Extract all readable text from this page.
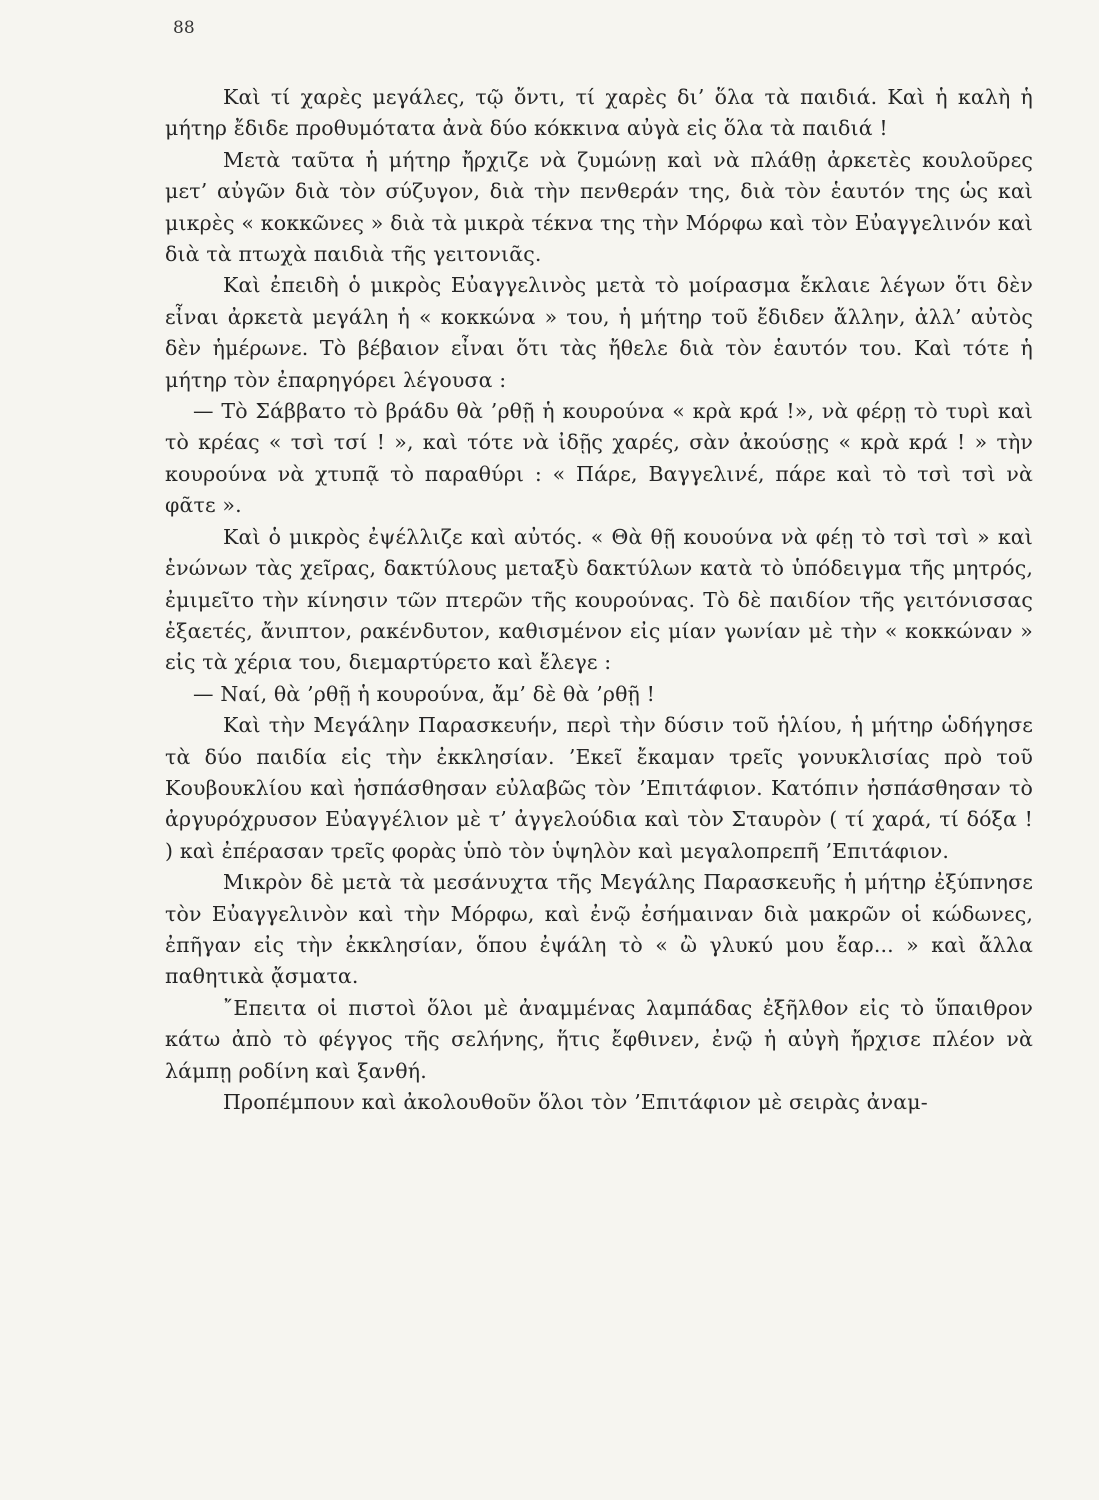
88

Καὶ τί χαρὲς μεγάλες, τῷ ὄντι, τί χαρὲς δι’ ὅλα τὰ παιδιά. Καὶ ἡ καλὴ ἡ μήτηρ ἔδιδε προθυμότατα ἀνὰ δύο κόκκινα αὐγὰ εἰς ὅλα τὰ παιδιά !

Μετὰ ταῦτα ἡ μήτηρ ἤρχιζε νὰ ζυμώνῃ καὶ νὰ πλάθῃ ἀρκετὲς κουλοῦρες μετ’ αὐγῶν διὰ τὸν σύζυγον, διὰ τὴν πενθεράν της, διὰ τὸν ἑαυτόν της ὡς καὶ μικρὲς « κοκκῶνες » διὰ τὰ μικρὰ τέκνα της τὴν Μόρφω καὶ τὸν Εὐαγγελινόν καὶ διὰ τὰ πτωχὰ παιδιὰ τῆς γειτονιᾶς.

Καὶ ἐπειδὴ ὁ μικρὸς Εὐαγγελινὸς μετὰ τὸ μοίρασμα ἔκλαιε λέγων ὅτι δὲν εἶναι ἀρκετὰ μεγάλη ἡ « κοκκώνα » του, ἡ μήτηρ τοῦ ἔδιδεν ἄλλην, ἀλλ’ αὐτὸς δὲν ἡμέρωνε. Τὸ βέβαιον εἶναι ὅτι τὰς ἤθελε διὰ τὸν ἑαυτόν του. Καὶ τότε ἡ μήτηρ τὸν ἐπαρηγόρει λέγουσα :

— Τὸ Σάββατο τὸ βράδυ θὰ ’ρθῇ ἡ κουρούνα « κρὰ κρά !», νὰ φέρῃ τὸ τυρὶ καὶ τὸ κρέας « τσὶ τσί ! », καὶ τότε νὰ ἰδῇς χαρές, σὰν ἀκούσῃς « κρὰ κρά ! » τὴν κουρούνα νὰ χτυπᾷ τὸ παραθύρι : « Πάρε, Βαγγελινέ, πάρε καὶ τὸ τσὶ τσὶ νὰ φᾶτε ».

Καὶ ὁ μικρὸς ἐψέλλιζε καὶ αὐτός. « Θὰ θῇ κουούνα νὰ φέῃ τὸ τσὶ τσὶ » καὶ ἑνώνων τὰς χεῖρας, δακτύλους μεταξὺ δακτύλων κατὰ τὸ ὑπόδειγμα τῆς μητρός, ἐμιμεῖτο τὴν κίνησιν τῶν πτερῶν τῆς κουρούνας. Τὸ δὲ παιδίον τῆς γειτόνισσας ἑξαετές, ἄνιπτον, ρακένδυτον, καθισμένον εἰς μίαν γωνίαν μὲ τὴν « κοκκώναν » εἰς τὰ χέρια του, διεμαρτύρετο καὶ ἔλεγε :

— Ναί, θὰ ’ρθῇ ἡ κουρούνα, ἄμ’ δὲ θὰ ’ρθῇ !

Καὶ τὴν Μεγάλην Παρασκευήν, περὶ τὴν δύσιν τοῦ ἡλίου, ἡ μήτηρ ὡδήγησε τὰ δύο παιδία εἰς τὴν ἐκκλησίαν. ’Εκεῖ ἔκαμαν τρεῖς γονυκλισίας πρὸ τοῦ Κουβουκλίου καὶ ἠσπάσθησαν εὐλαβῶς τὸν ’Επιτάφιον. Κατόπιν ἠσπάσθησαν τὸ ἀργυρόχρυσον Εὐαγγέλιον μὲ τ’ ἀγγελούδια καὶ τὸν Σταυρὸν ( τί χαρά, τί δόξα ! ) καὶ ἐπέρασαν τρεῖς φορὰς ὑπὸ τὸν ὑψηλὸν καὶ μεγαλοπρεπῆ ’Επιτάφιον.

Μικρὸν δὲ μετὰ τὰ μεσάνυχτα τῆς Μεγάλης Παρασκευῆς ἡ μήτηρ ἐξύπνησε τὸν Εὐαγγελινὸν καὶ τὴν Μόρφω, καὶ ἐνῷ ἐσήμαιναν διὰ μακρῶν οἱ κώδωνες, ἐπῆγαν εἰς τὴν ἐκκλησίαν, ὅπου ἐψάλη τὸ « ὢ γλυκύ μου ἔαρ... » καὶ ἄλλα παθητικὰ ᾄσματα.

῎Επειτα οἱ πιστοὶ ὅλοι μὲ ἀναμμένας λαμπάδας ἐξῆλθον εἰς τὸ ὕπαιθρον κάτω ἀπὸ τὸ φέγγος τῆς σελήνης, ἥτις ἔφθινεν, ἐνῷ ἡ αὐγὴ ἤρχισε πλέον νὰ λάμπῃ ροδίνη καὶ ξανθή.

Προπέμπουν καὶ ἀκολουθοῦν ὅλοι τὸν ’Επιτάφιον μὲ σειρὰς ἀναμ-
